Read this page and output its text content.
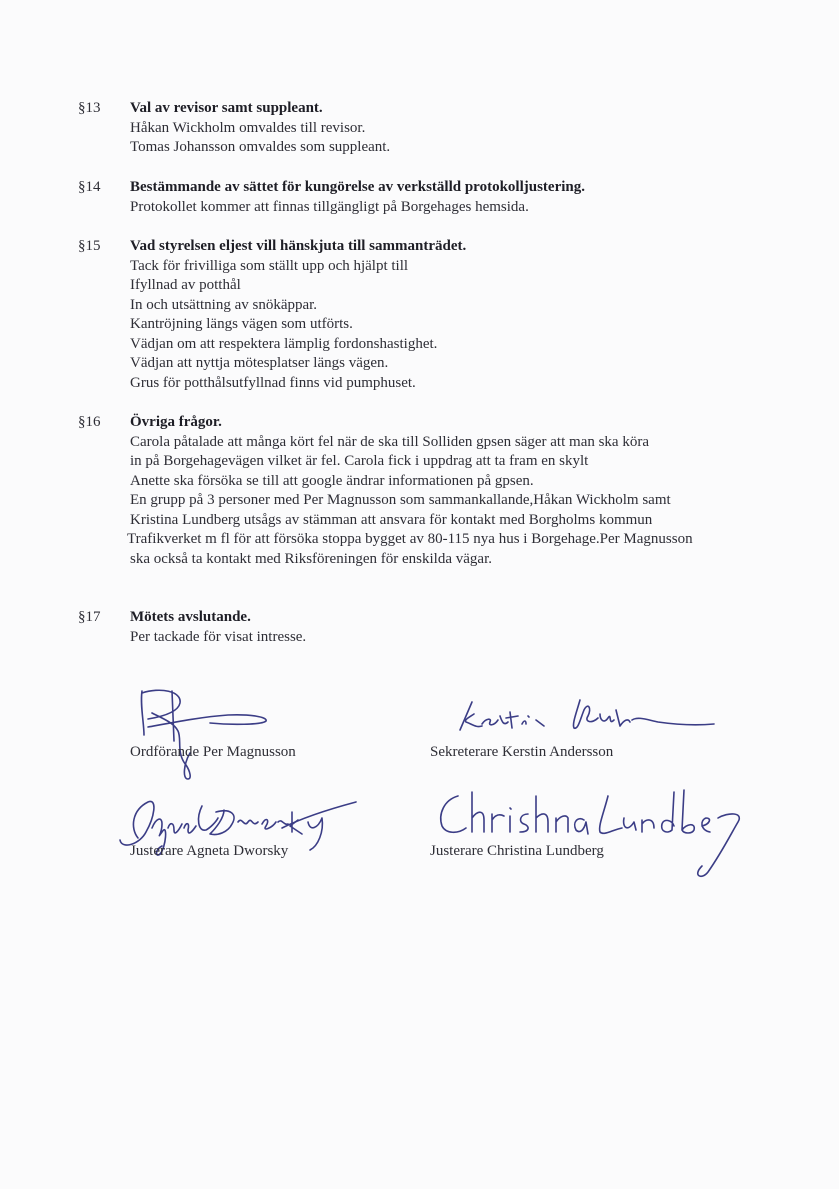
§13 Val av revisor samt suppleant.
Håkan Wickholm omvaldes till revisor.
Tomas Johansson omvaldes som suppleant.
§14 Bestämmande av sättet för kungörelse av verkställd protokolljustering.
Protokollet kommer att finnas tillgängligt på Borgehages hemsida.
§15 Vad styrelsen eljest vill hänskjuta till sammanträdet.
Tack för frivilliga som ställt upp och hjälpt till
Ifyllnad av potthål
In och utsättning av snökäppar.
Kantröjning längs vägen som utförts.
Vädjan om att respektera lämplig fordonshastighet.
Vädjan att nyttja mötesplatser längs vägen.
Grus för potthålsutfyllnad finns vid pumphuset.
§16 Övriga frågor.
Carola påtalade att många kört fel när de ska till Solliden gpsen säger att man ska köra
in på Borgehagevägen vilket är fel. Carola fick i uppdrag att ta fram en skylt
Anette ska försöka se till att google ändrar informationen på gpsen.
En grupp på 3 personer med Per Magnusson som sammankallande,Håkan Wickholm samt
Kristina Lundberg utsågs av stämman att ansvara för kontakt med Borgholms kommun
Trafikverket m fl för att försöka stoppa bygget av 80-115 nya hus i Borgehage.Per Magnusson
ska också ta kontakt med Riksföreningen för enskilda vägar.
§17 Mötets avslutande.
Per tackade för visat intresse.
Ordförande Per Magnusson	Sekreterare Kerstin Andersson
Justerare Agneta Dworsky	Justerare Christina Lundberg
